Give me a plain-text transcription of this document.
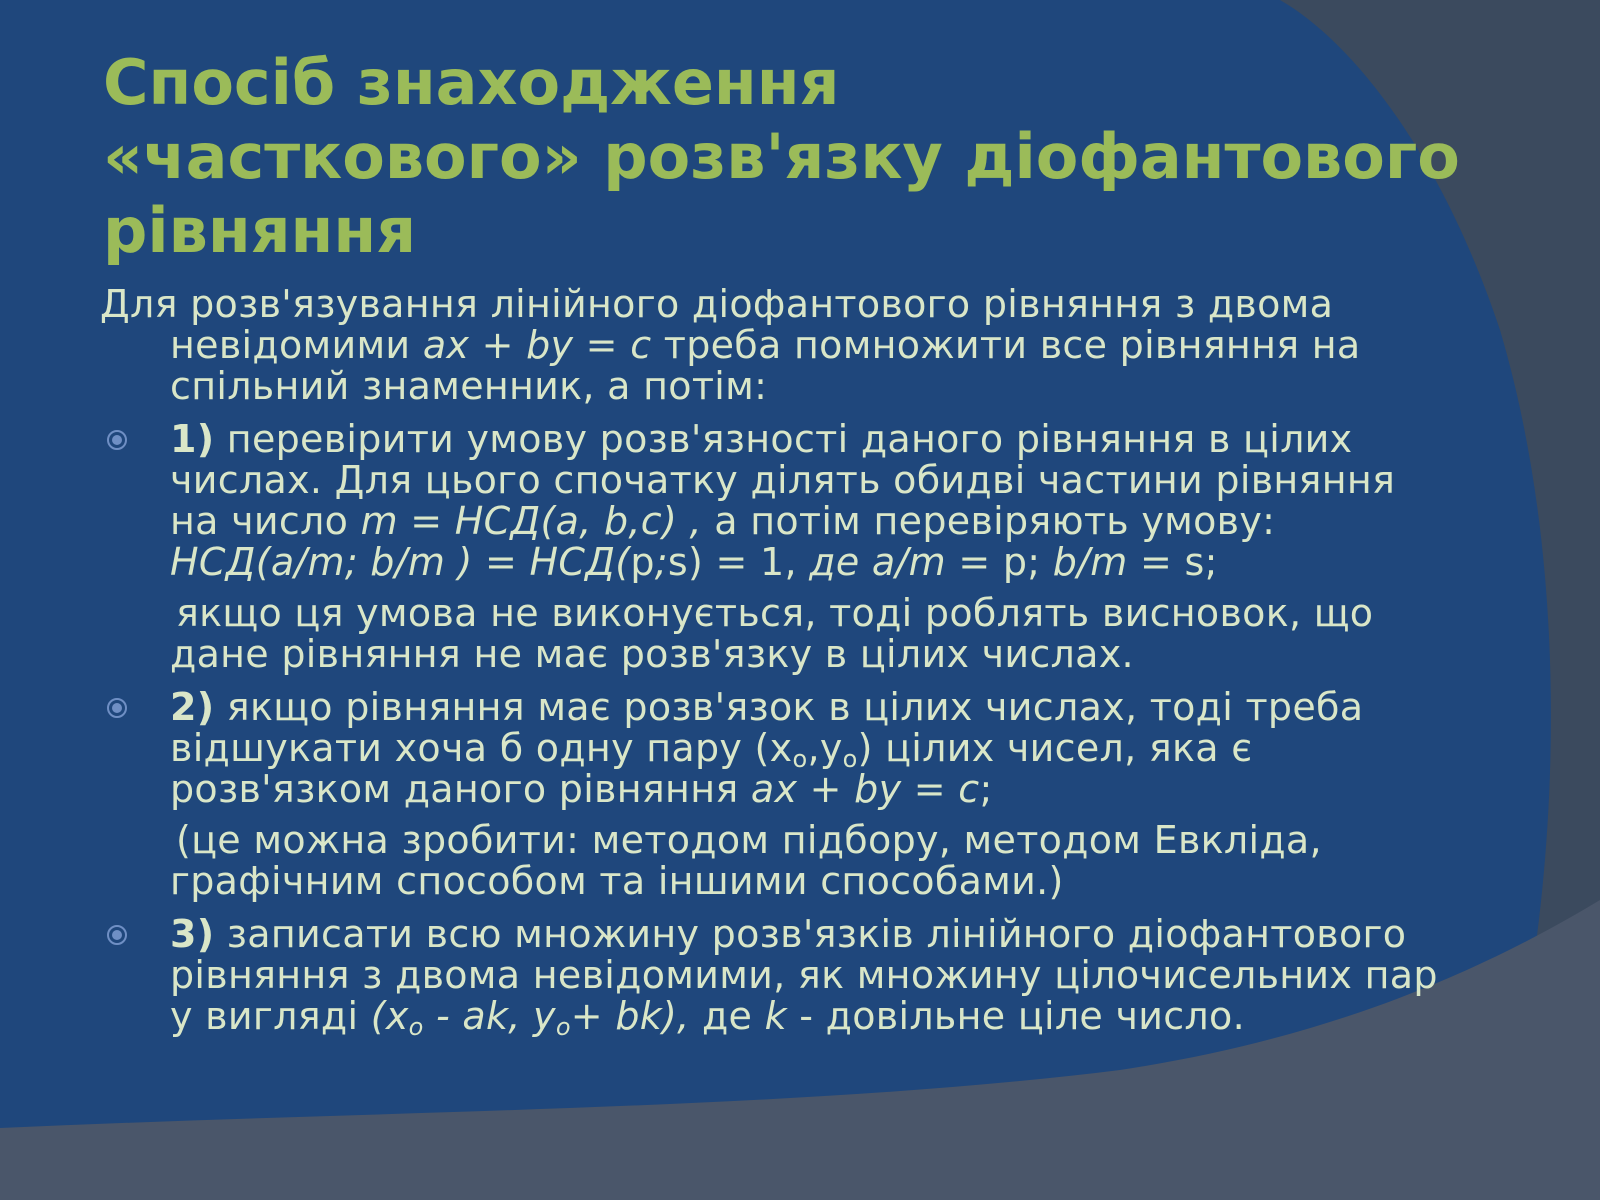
Спосіб знаходження
«часткового» розв'язку діофантового
рівняння
Для розв'язування лінійного діофантового рівняння з двома
невідомими ax + by = c треба помножити все рівняння на
спільний знаменник, а потім:
1) перевірити умову розв'язності даного рівняння в цілих
числах. Для цього спочатку ділять обидві частини рівняння
на число m = НСД(a, b,c) , а потім перевіряють умову:
НСД(a/m; b/m ) = НСД(p;s) = 1, де a/m = p; b/m = s;
якщо ця умова не виконується, тоді роблять висновок, що
дане рівняння не має розв'язку в цілих числах.
2) якщо рівняння має розв'язок в цілих числах, тоді треба
відшукати хоча б одну пару $(x_o,y_o)$ цілих чисел, яка є
розв'язком даного рівняння ax + by = c;
(це можна зробити: методом підбору, методом Евкліда,
графічним способом та іншими способами.)
3) записати всю множину розв'язків лінійного діофантового
рівняння з двома невідомими, як множину цілочисельних пар
у вигляді ($x_o$ - ak, $y_o+ bk$), де k - довільне ціле число.
